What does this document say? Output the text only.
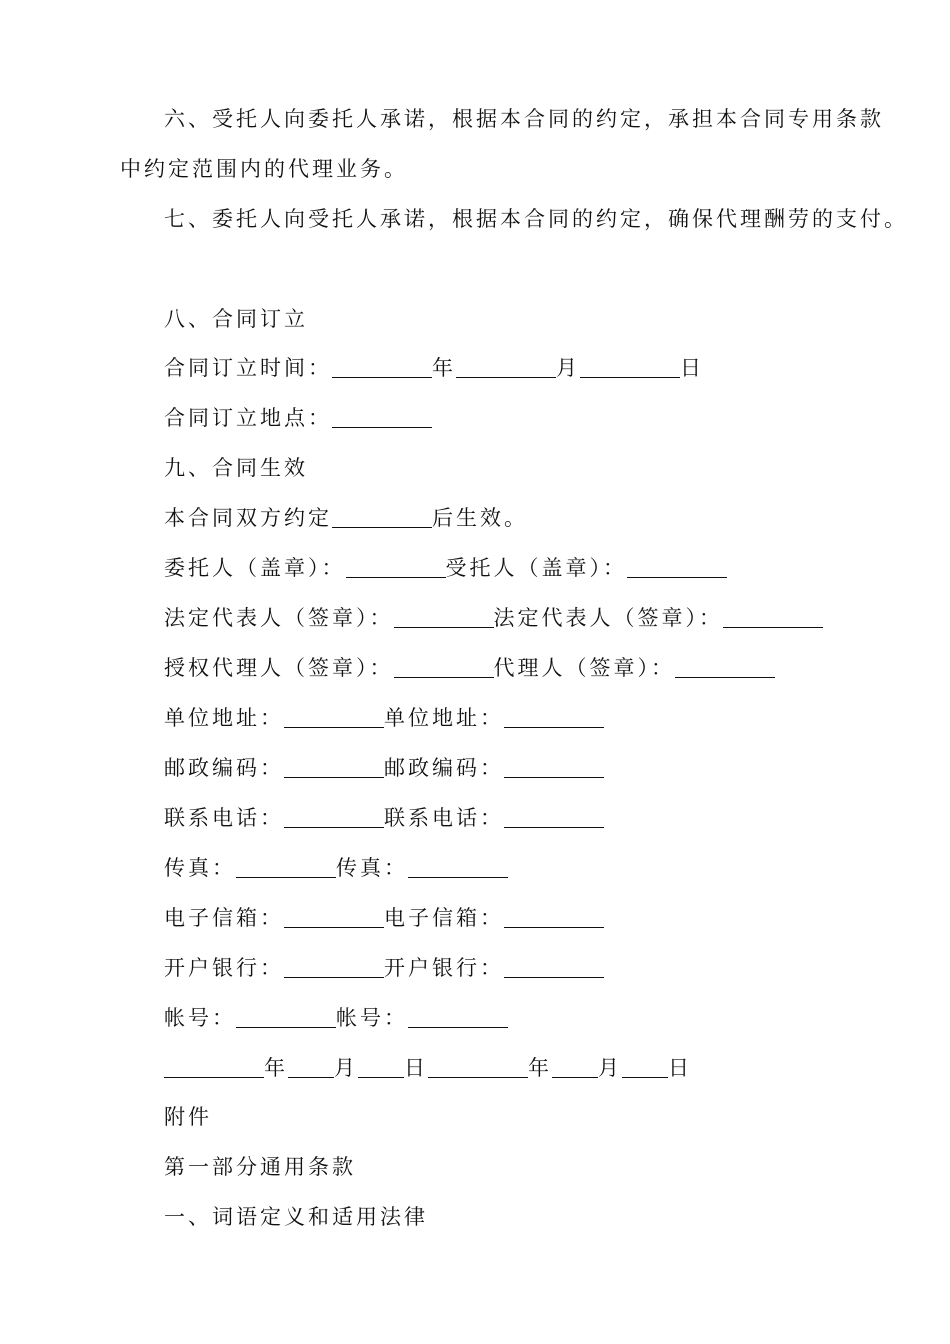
六、受托人向委托人承诺，根据本合同的约定，承担本合同专用条款
中约定范围内的代理业务。
七、委托人向受托人承诺，根据本合同的约定，确保代理酬劳的支付。
八、合同订立
合同订立时间：	年	月	日
合同订立地点：
九、合同生效
本合同双方约定	后生效。
委托人（盖章）：	受托人（盖章）：
法定代表人（签章）：	法定代表人（签章）：
授权代理人（签章）：	代理人（签章）：
单位地址：	单位地址：
邮政编码：	邮政编码：
联系电话：	联系电话：
传真：	传真：
电子信箱：	电子信箱：
开户银行：	开户银行：
帐号：	帐号：
年 月 日	年 月 日
附件
第一部分通用条款
一、词语定义和适用法律
